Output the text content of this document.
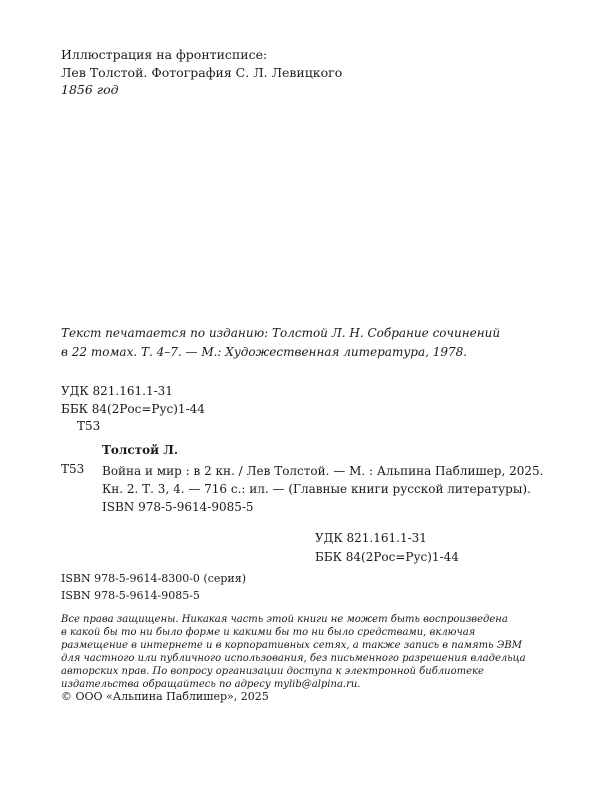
Иллюстрация на фронтисписе:
Лев Толстой. Фотография С. Л. Левицкого
1856 год
Текст печатается по изданию: Толстой Л. Н. Собрание сочинений
в 22 томах. Т. 4–7. — М.: Художественная литература, 1978.
УДК 821.161.1-31
ББК 84(2Рос=Рус)1-44
Т53
Толстой Л.
Т53 Война и мир : в 2 кн. / Лев Толстой. — М. : Альпина Паблишер, 2025.
Кн. 2. Т. 3, 4. — 716 с.: ил. — (Главные книги русской литературы).
ISBN 978-5-9614-9085-5
УДК 821.161.1-31
ББК 84(2Рос=Рус)1-44
ISBN 978-5-9614-8300-0 (серия)
ISBN 978-5-9614-9085-5
Все права защищены. Никакая часть этой книги не может быть воспроизведена
в какой бы то ни было форме и какими бы то ни было средствами, включая
размещение в интернете и в корпоративных сетях, а также запись в память ЭВМ
для частного или публичного использования, без письменного разрешения владельца
авторских прав. По вопросу организации доступа к электронной библиотеке
издательства обращайтесь по адресу mylib@alpina.ru.
© ООО «Альпина Паблишер», 2025
